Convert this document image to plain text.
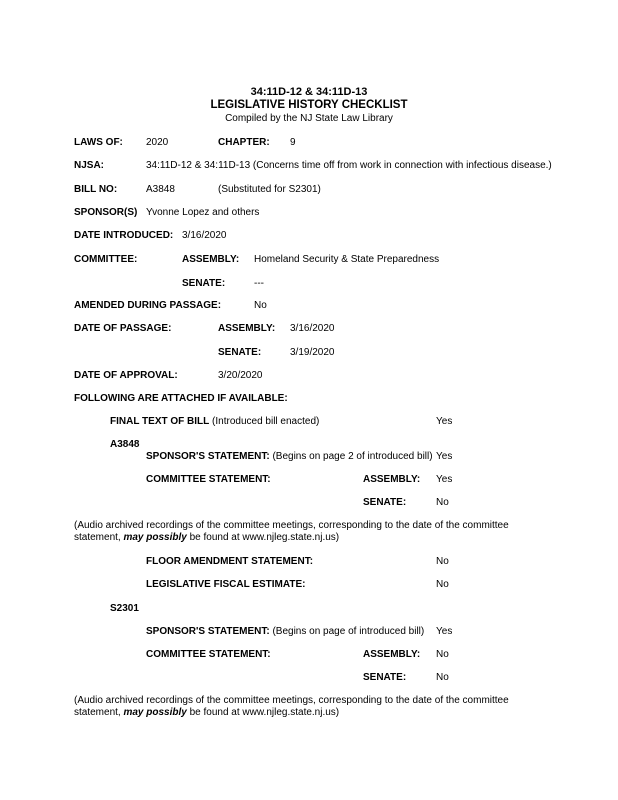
34:11D-12 & 34:11D-13
LEGISLATIVE HISTORY CHECKLIST
Compiled by the NJ State Law Library
LAWS OF: 2020	CHAPTER: 9
NJSA:	34:11D-12 & 34:11D-13 (Concerns time off from work in connection with infectious disease.)
BILL NO:	A3848	(Substituted for S2301)
SPONSOR(S) Yvonne Lopez and others
DATE INTRODUCED: 3/16/2020
COMMITTEE:	ASSEMBLY: Homeland Security & State Preparedness
SENATE:	---
AMENDED DURING PASSAGE:	No
DATE OF PASSAGE:	ASSEMBLY: 3/16/2020
SENATE:	3/19/2020
DATE OF APPROVAL:	3/20/2020
FOLLOWING ARE ATTACHED IF AVAILABLE:
FINAL TEXT OF BILL (Introduced bill enacted)	Yes
A3848
SPONSOR'S STATEMENT: (Begins on page 2 of introduced bill) Yes
COMMITTEE STATEMENT:	ASSEMBLY: Yes
SENATE:	No
(Audio archived recordings of the committee meetings, corresponding to the date of the committee statement, may possibly be found at www.njleg.state.nj.us)
FLOOR AMENDMENT STATEMENT:	No
LEGISLATIVE FISCAL ESTIMATE:	No
S2301
SPONSOR'S STATEMENT: (Begins on page of introduced bill) Yes
COMMITTEE STATEMENT:	ASSEMBLY: No
SENATE:	No
(Audio archived recordings of the committee meetings, corresponding to the date of the committee statement, may possibly be found at www.njleg.state.nj.us)
